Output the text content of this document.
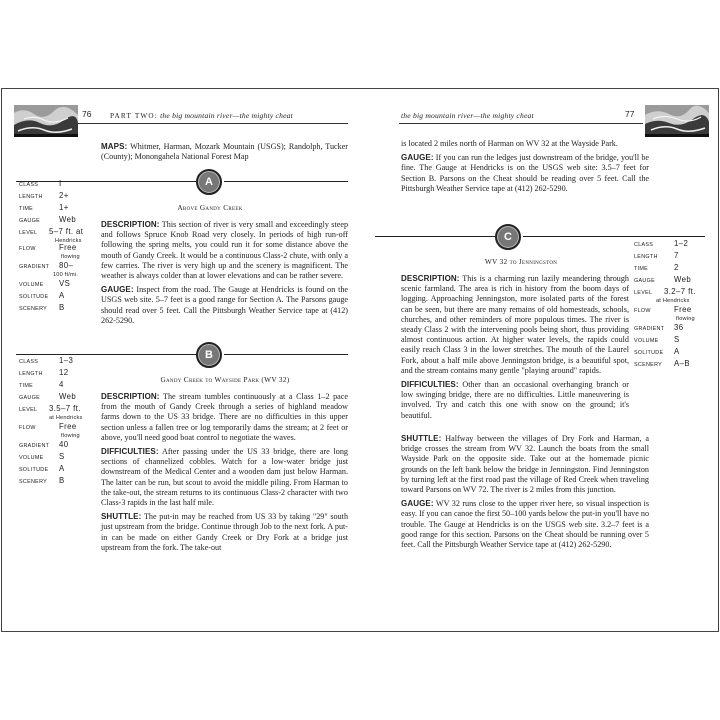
76	PART TWO: the big mountain river—the mighty cheat

MAPS: Whitmer, Harman, Mozark Mountain (USGS); Randolph, Tucker (County); Monongahela National Forest Map

A
Above Gandy Creek
CLASS	I
LENGTH 2+
TIME	1+
GAUGE Web
LEVEL 5–7 ft. at
Hendricks
FLOW	Free
flowing
GRADIENT 80–
100 ft/mi.
VOLUME VS
SOLITUDE A
SCENERY B

DESCRIPTION: This section of river is very small and exceedingly steep and follows Spruce Knob Road very closely. In periods of high run-off following the spring melts, you could run it for some distance above the mouth of Gandy Creek. It would be a continuous Class-2 chute, with only a few carries. The river is very high up and the scenery is magnificent. The weather is always colder than at lower elevations and can be rather severe.

GAUGE: Inspect from the road. The Gauge at Hendricks is found on the USGS web site. 5–7 feet is a good range for Section A. The Parsons gauge should read over 5 feet. Call the Pittsburgh Weather Service tape at (412) 262-5290.

B
Gandy Creek to Wayside Park (WV 32)
CLASS	1–3
LENGTH 12
TIME	4
GAUGE Web
LEVEL 3.5–7 ft.
at Hendricks
FLOW	Free
flowing
GRADIENT 40
VOLUME S
SOLITUDE A
SCENERY B

DESCRIPTION: The stream tumbles continuously at a Class 1–2 pace from the mouth of Gandy Creek through a series of highland meadow farms down to the US 33 bridge. There are no difficulties in this upper section unless a fallen tree or log temporarily dams the stream; at 2 feet or above, you'll need good boat control to negotiate the waves.

DIFFICULTIES: After passing under the US 33 bridge, there are long sections of channelized cobbles. Watch for a low-water bridge just downstream of the Medical Center and a wooden dam just below Harman. The latter can be run, but scout to avoid the middle piling. From Harman to the take-out, the stream returns to its continuous Class-2 character with two Class-3 rapids in the last half mile.

SHUTTLE: The put-in may be reached from US 33 by taking "29" south just upstream from the bridge. Continue through Job to the next fork. A put-in can be made on either Gandy Creek or Dry Fork at a bridge just upstream from the fork. The take-out

the big mountain river—the mighty cheat	77

is located 2 miles north of Harman on WV 32 at the Wayside Park.

GAUGE: If you can run the ledges just downstream of the bridge, you'll be fine. The Gauge at Hendricks is on the USGS web site: 3.5–7 feet for Section B. Parsons on the Cheat should be reading over 5 feet. Call the Pittsburgh Weather Service tape at (412) 262-5290.

C
WV 32 to Jenningston
CLASS	1–2
LENGTH 7
TIME	2
GAUGE Web
LEVEL 3.2–7 ft.
at Hendricks
FLOW	Free
flowing
GRADIENT 36
VOLUME S
SOLITUDE A
SCENERY A–B

DESCRIPTION: This is a charming run lazily meandering through scenic farmland. The area is rich in history from the boom days of logging. Approaching Jenningston, more isolated parts of the forest can be seen, but there are many remains of old homesteads, schools, churches, and other reminders of more populous times. The river is steady Class 2 with the intervening pools being short, thus providing almost continuous action. At higher water levels, the rapids could easily reach Class 3 in the lower stretches. The mouth of the Laurel Fork, about a half mile above Jenningston bridge, is a beautiful spot, and the stream contains many gentle "playing around" rapids.

DIFFICULTIES: Other than an occasional overhanging branch or low swinging bridge, there are no difficulties. Little maneuvering is involved. Try and catch this one with snow on the ground; it's beautiful.

SHUTTLE: Halfway between the villages of Dry Fork and Harman, a bridge crosses the stream from WV 32. Launch the boats from the small Wayside Park on the opposite side. Take out at the homemade picnic grounds on the left bank below the bridge in Jenningston. Find Jenningston by turning left at the first road past the village of Red Creek when traveling toward Parsons on WV 72. The river is 2 miles from this junction.

GAUGE: WV 32 runs close to the upper river here, so visual inspection is easy. If you can canoe the first 50–100 yards below the put-in you'll have no trouble. The Gauge at Hendricks is on the USGS web site. 3.2–7 feet is a good range for this section. Parsons on the Cheat should be running over 5 feet. Call the Pittsburgh Weather Service tape at (412) 262-5290.
